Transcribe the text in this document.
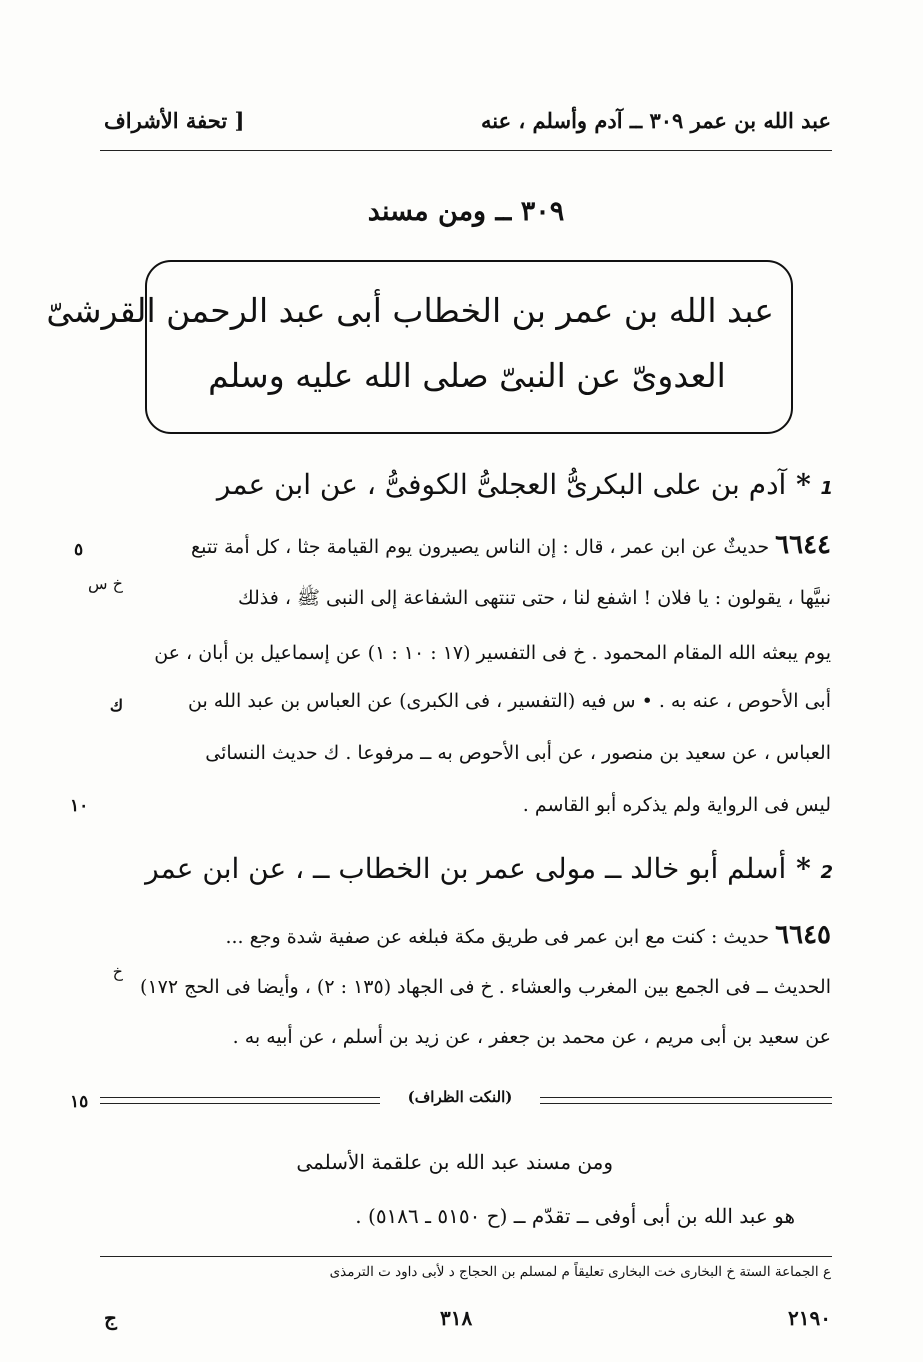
عبد الله بن عمر ٣٠٩ ــ آدم وأسلم ، عنه
[ تحفة الأشراف
٣٠٩ ــ ومن مسند
عبد الله بن عمر بن الخطاب أبى عبد الرحمن القرشىّ
العدوىّ عن النبىّ صلى الله عليه وسلم
1 * آدم بن على البكرىُّ العجلىُّ الكوفىُّ ، عن ابن عمر
٦٦٤٤ حديثٌ عن ابن عمر ، قال : إن الناس يصيرون يوم القيامة جثا ، كل أمة تتبع
نبيَّها ، يقولون : يا فلان ! اشفع لنا ، حتى تنتهى الشفاعة إلى النبى ﷺ ، فذلك
يوم يبعثه الله المقام المحمود . خ فى التفسير (١٧ : ١٠ : ١) عن إسماعيل بن أبان ، عن
أبى الأحوص ، عنه به . • س فيه (التفسير ، فى الكبرى) عن العباس بن عبد الله بن
العباس ، عن سعيد بن منصور ، عن أبى الأحوص به ــ مرفوعا . ك حديث النسائى
ليس فى الرواية ولم يذكره أبو القاسم .
خ س
ك
٥
١٠
١٥
2 * أسلم أبو خالد ــ مولى عمر بن الخطاب ــ ، عن ابن عمر
٦٦٤٥ حديث : كنت مع ابن عمر فى طريق مكة فبلغه عن صفية شدة وجع ...
الحديث ــ فى الجمع بين المغرب والعشاء . خ فى الجهاد (١٣٥ : ٢) ، وأيضا فى الحج ١٧٢)
عن سعيد بن أبى مريم ، عن محمد بن جعفر ، عن زيد بن أسلم ، عن أبيه به .
خ
(النكت الظراف)
ومن مسند عبد الله بن علقمة الأسلمى
هو عبد الله بن أبى أوفى ــ تقدّم ــ (ح ٥١٥٠ ـ ٥١٨٦) .
ع الجماعة الستة خ البخارى خت البخارى تعليقاً م لمسلم بن الحجاج د لأبى داود ت الترمذى
٢١٩٠
٣١٨
ج
